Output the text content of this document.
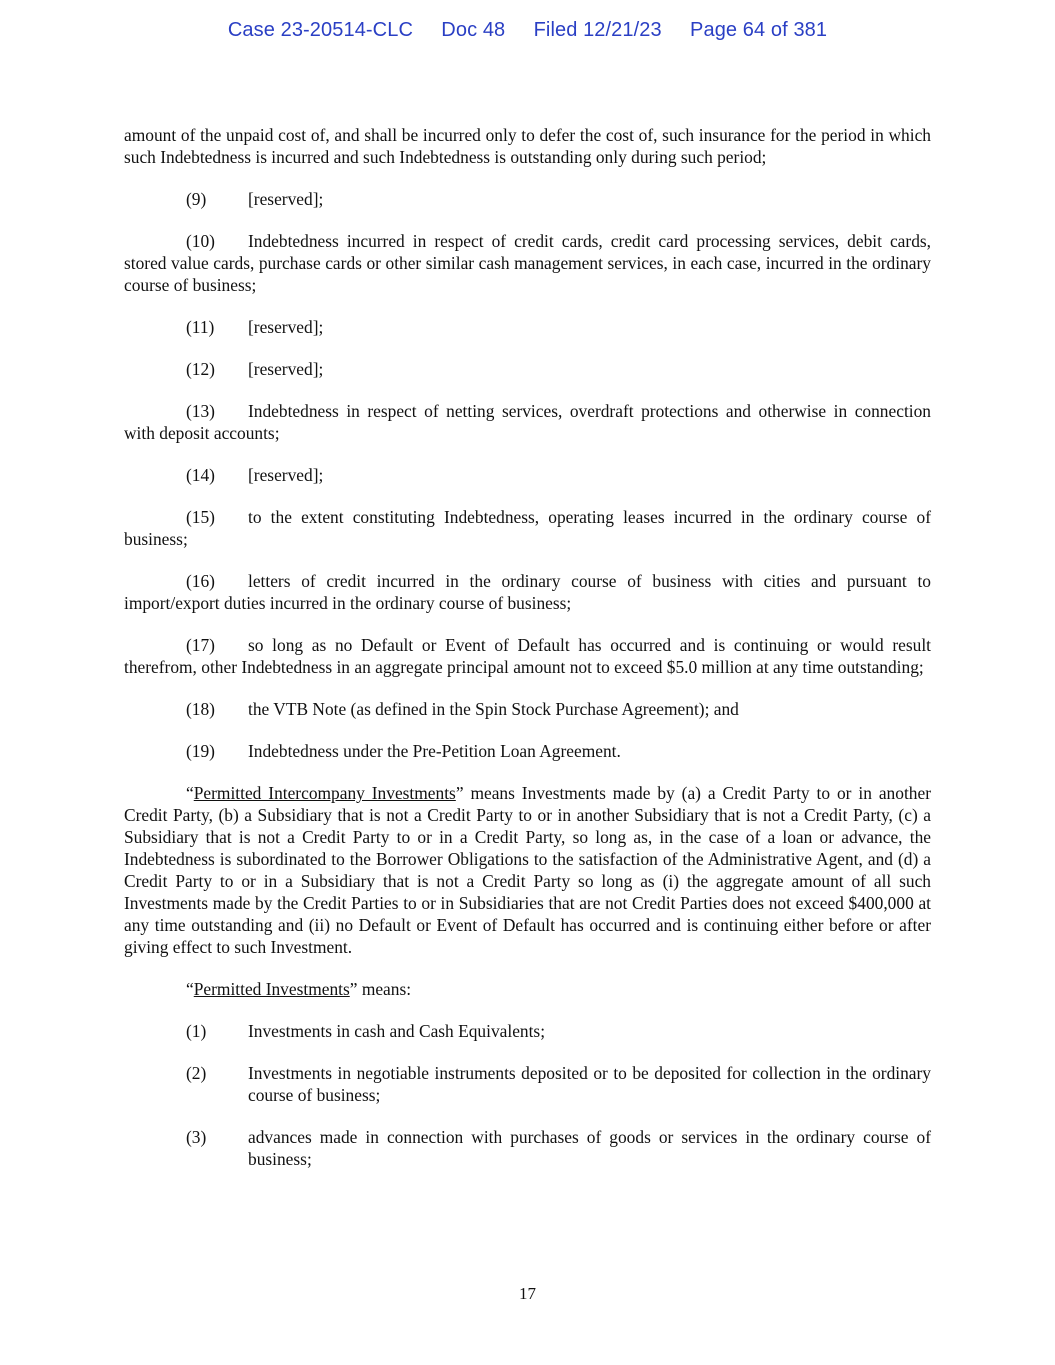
Case 23-20514-CLC Doc 48 Filed 12/21/23 Page 64 of 381

amount of the unpaid cost of, and shall be incurred only to defer the cost of, such insurance for the period in which such Indebtedness is incurred and such Indebtedness is outstanding only during such period;

(9) [reserved];

(10) Indebtedness incurred in respect of credit cards, credit card processing services, debit cards, stored value cards, purchase cards or other similar cash management services, in each case, incurred in the ordinary course of business;

(11) [reserved];

(12) [reserved];

(13) Indebtedness in respect of netting services, overdraft protections and otherwise in connection with deposit accounts;

(14) [reserved];

(15) to the extent constituting Indebtedness, operating leases incurred in the ordinary course of business;

(16) letters of credit incurred in the ordinary course of business with cities and pursuant to import/export duties incurred in the ordinary course of business;

(17) so long as no Default or Event of Default has occurred and is continuing or would result therefrom, other Indebtedness in an aggregate principal amount not to exceed $5.0 million at any time outstanding;

(18) the VTB Note (as defined in the Spin Stock Purchase Agreement); and

(19) Indebtedness under the Pre-Petition Loan Agreement.

“Permitted Intercompany Investments” means Investments made by (a) a Credit Party to or in another Credit Party, (b) a Subsidiary that is not a Credit Party to or in another Subsidiary that is not a Credit Party, (c) a Subsidiary that is not a Credit Party to or in a Credit Party, so long as, in the case of a loan or advance, the Indebtedness is subordinated to the Borrower Obligations to the satisfaction of the Administrative Agent, and (d) a Credit Party to or in a Subsidiary that is not a Credit Party so long as (i) the aggregate amount of all such Investments made by the Credit Parties to or in Subsidiaries that are not Credit Parties does not exceed $400,000 at any time outstanding and (ii) no Default or Event of Default has occurred and is continuing either before or after giving effect to such Investment.

“Permitted Investments” means:

(1)	Investments in cash and Cash Equivalents;
(2)	Investments in negotiable instruments deposited or to be deposited for collection in the ordinary course of business;
(3)	advances made in connection with purchases of goods or services in the ordinary course of business;
17
